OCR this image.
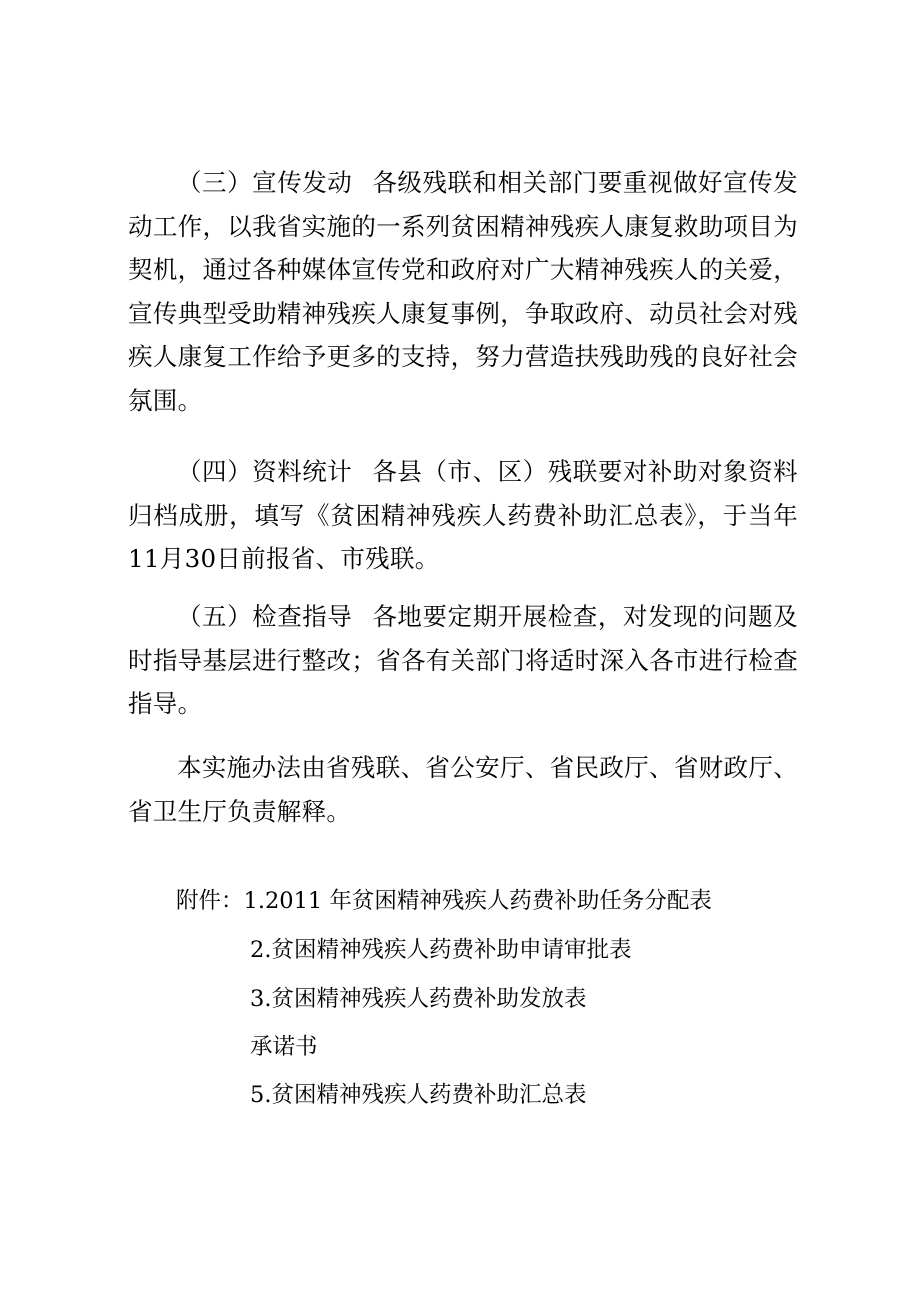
（三）宣传发动 各级残联和相关部门要重视做好宣传发动工作，以我省实施的一系列贫困精神残疾人康复救助项目为契机，通过各种媒体宣传党和政府对广大精神残疾人的关爱，宣传典型受助精神残疾人康复事例，争取政府、动员社会对残疾人康复工作给予更多的支持，努力营造扶残助残的良好社会氛围。

（四）资料统计 各县（市、区）残联要对补助对象资料归档成册，填写《贫困精神残疾人药费补助汇总表》，于当年11月30日前报省、市残联。

（五）检查指导 各地要定期开展检查，对发现的问题及时指导基层进行整改；省各有关部门将适时深入各市进行检查指导。

本实施办法由省残联、省公安厅、省民政厅、省财政厅、省卫生厅负责解释。

附件：1.2011 年贫困精神残疾人药费补助任务分配表

2.贫困精神残疾人药费补助申请审批表

3.贫困精神残疾人药费补助发放表

承诺书

5.贫困精神残疾人药费补助汇总表
